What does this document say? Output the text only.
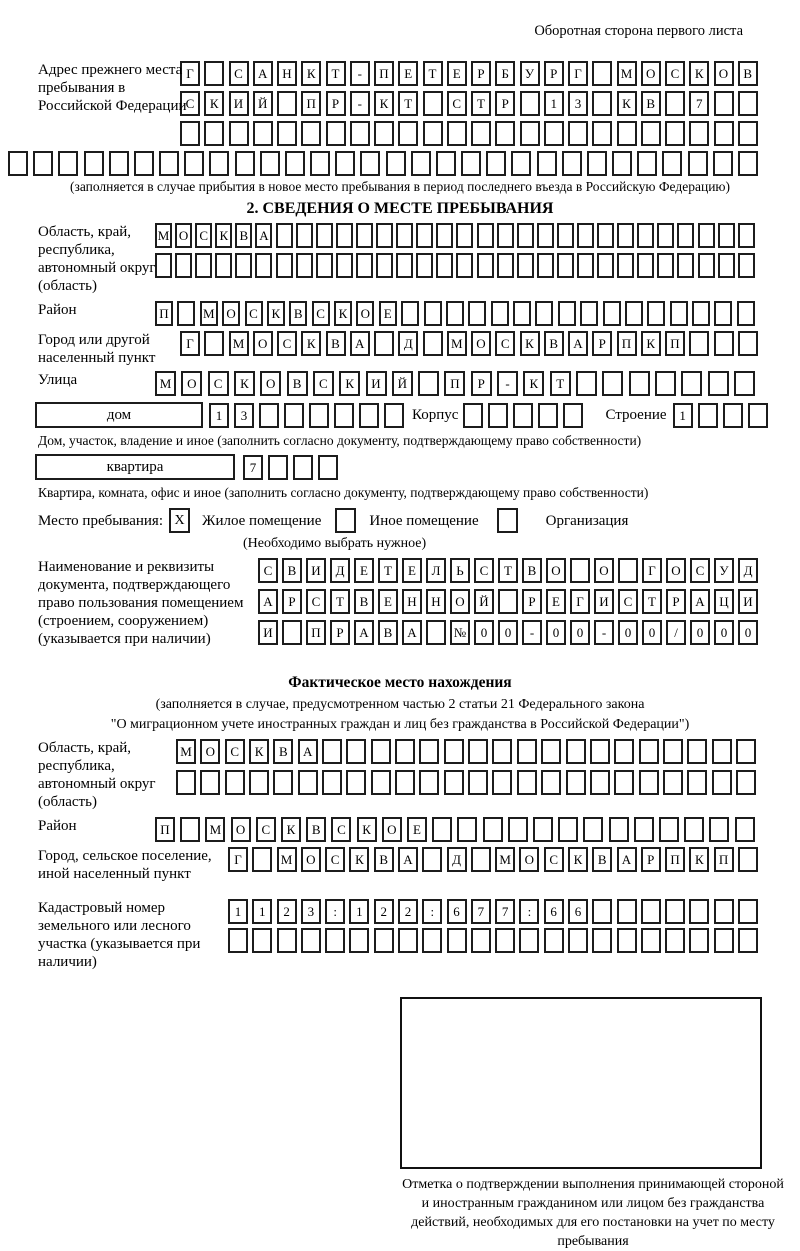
Оборотная сторона первого листа
Адрес прежнего места пребывания в Российской Федерации
Г	С	А	Н	К	Т	-	П	Е	Т	Е	Р	Б	У	Р	Г	М	О	С	К	О	В
С	К	И	Й	П	Р	-	К	Т	С	Т	Р	1	3	К	В	7
(заполняется в случае прибытия в новое место пребывания в период последнего въезда в Российскую Федерацию)
2. СВЕДЕНИЯ О МЕСТЕ ПРЕБЫВАНИЯ
Область, край, республика, автономный округ (область)
М О С К В А
Район	П	М О	С	К	В	С	К	О	Е
Город или другой населенный пункт
Г	М	О	С	К	В	А	Д	М	О	С	К	В	А	Р	П	К	П
Улица	М	О	С	К	О	В	С	К	И	Й	П	Р	-	К	Т
дом	1	3	Корпус	Строение 1
Дом, участок, владение и иное (заполнить согласно документу, подтверждающему право собственности)
квартира	7
Квартира, комната, офис и иное (заполнить согласно документу, подтверждающему право собственности)
Место пребывания: X	Жилое помещение	Иное помещение	Организация
(Необходимо выбрать нужное)
Наименование и реквизиты документа, подтверждающего право пользования помещением (строением, сооружением) (указывается при наличии)
С	В	И	Д	Е	Т	Е	Л	Ь	С	Т	В	О	О	Г	О	С	У	Д
А	Р	С	Т	В	Е	Н	Н	О	Й	Р	Е	Г	И	С	Т	Р	А	Ц	И
И	П	Р	А	В	А	№	0	0	-	0	0	-	0	0	/	0	0	0
Фактическое место нахождения
(заполняется в случае, предусмотренном частью 2 статьи 21 Федерального закона
"О миграционном учете иностранных граждан и лиц без гражданства в Российской Федерации")
Область, край, республика, автономный округ (область)
М	О	С	К	В	А
Район	П	М	О	С	К	В	С	К	О	Е
Город, сельское поселение, иной населенный пункт
Г	М	О	С	К	В	А	Д	М	О	С	К	В	А	Р	П	К	П
Кадастровый номер земельного или лесного участка (указывается при наличии)
1	1	2	3	:	1	2	2	:	6	7	7	:	6	6
Отметка о подтверждении выполнения принимающей стороной и иностранным гражданином или лицом без гражданства действий, необходимых для его постановки на учет по месту пребывания
